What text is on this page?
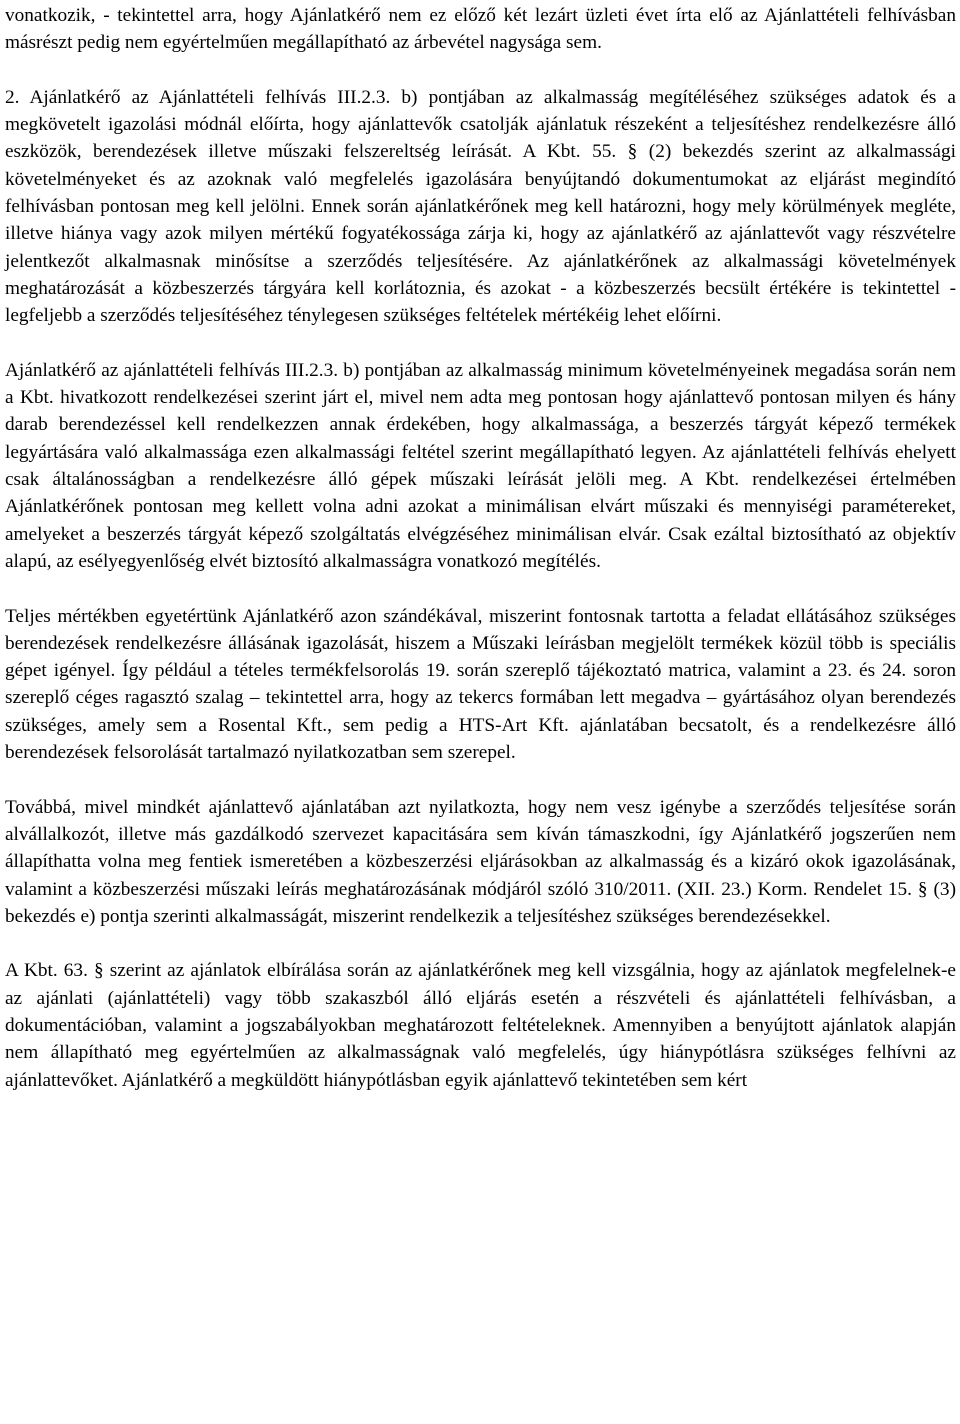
vonatkozik, - tekintettel arra, hogy Ajánlatkérő nem ez előző két lezárt üzleti évet írta elő az Ajánlattételi felhívásban másrészt pedig nem egyértelműen megállapítható az árbevétel nagysága sem.

2. Ajánlatkérő az Ajánlattételi felhívás III.2.3. b) pontjában az alkalmasság megítéléséhez szükséges adatok és a megkövetelt igazolási módnál előírta, hogy ajánlattevők csatolják ajánlatuk részeként a teljesítéshez rendelkezésre álló eszközök, berendezések illetve műszaki felszereltség leírását. A Kbt. 55. § (2) bekezdés szerint az alkalmassági követelményeket és az azoknak való megfelelés igazolására benyújtandó dokumentumokat az eljárást megindító felhívásban pontosan meg kell jelölni. Ennek során ajánlatkérőnek meg kell határozni, hogy mely körülmények megléte, illetve hiánya vagy azok milyen mértékű fogyatékossága zárja ki, hogy az ajánlatkérő az ajánlattevőt vagy részvételre jelentkezőt alkalmasnak minősítse a szerződés teljesítésére. Az ajánlatkérőnek az alkalmassági követelmények meghatározását a közbeszerzés tárgyára kell korlátoznia, és azokat - a közbeszerzés becsült értékére is tekintettel - legfeljebb a szerződés teljesítéséhez ténylegesen szükséges feltételek mértékéig lehet előírni.

Ajánlatkérő az ajánlattételi felhívás III.2.3. b) pontjában az alkalmasság minimum követelményeinek megadása során nem a Kbt. hivatkozott rendelkezései szerint járt el, mivel nem adta meg pontosan hogy ajánlattevő pontosan milyen és hány darab berendezéssel kell rendelkezzen annak érdekében, hogy alkalmassága, a beszerzés tárgyát képező termékek legyártására való alkalmassága ezen alkalmassági feltétel szerint megállapítható legyen. Az ajánlattételi felhívás ehelyett csak általánosságban a rendelkezésre álló gépek műszaki leírását jelöli meg. A Kbt. rendelkezései értelmében Ajánlatkérőnek pontosan meg kellett volna adni azokat a minimálisan elvárt műszaki és mennyiségi paramétereket, amelyeket a beszerzés tárgyát képező szolgáltatás elvégzéséhez minimálisan elvár. Csak ezáltal biztosítható az objektív alapú, az esélyegyenlőség elvét biztosító alkalmasságra vonatkozó megítélés.

Teljes mértékben egyetértünk Ajánlatkérő azon szándékával, miszerint fontosnak tartotta a feladat ellátásához szükséges berendezések rendelkezésre állásának igazolását, hiszem a Műszaki leírásban megjelölt termékek közül több is speciális gépet igényel. Így például a tételes termékfelsorolás 19. során szereplő tájékoztató matrica, valamint a 23. és 24. soron szereplő céges ragasztó szalag – tekintettel arra, hogy az tekercs formában lett megadva – gyártásához olyan berendezés szükséges, amely sem a Rosental Kft., sem pedig a HTS-Art Kft. ajánlatában becsatolt, és a rendelkezésre álló berendezések felsorolását tartalmazó nyilatkozatban sem szerepel.

Továbbá, mivel mindkét ajánlattevő ajánlatában azt nyilatkozta, hogy nem vesz igénybe a szerződés teljesítése során alvállalkozót, illetve más gazdálkodó szervezet kapacitására sem kíván támaszkodni, így Ajánlatkérő jogszerűen nem állapíthatta volna meg fentiek ismeretében a közbeszerzési eljárásokban az alkalmasság és a kizáró okok igazolásának, valamint a közbeszerzési műszaki leírás meghatározásának módjáról szóló 310/2011. (XII. 23.) Korm. Rendelet 15. § (3) bekezdés e) pontja szerinti alkalmasságát, miszerint rendelkezik a teljesítéshez szükséges berendezésekkel.

A Kbt. 63. § szerint az ajánlatok elbírálása során az ajánlatkérőnek meg kell vizsgálnia, hogy az ajánlatok megfelelnek-e az ajánlati (ajánlattételi) vagy több szakaszból álló eljárás esetén a részvételi és ajánlattételi felhívásban, a dokumentációban, valamint a jogszabályokban meghatározott feltételeknek. Amennyiben a benyújtott ajánlatok alapján nem állapítható meg egyértelműen az alkalmasságnak való megfelelés, úgy hiánypótlásra szükséges felhívni az ajánlattevőket. Ajánlatkérő a megküldött hiánypótlásban egyik ajánlattevő tekintetében sem kért
